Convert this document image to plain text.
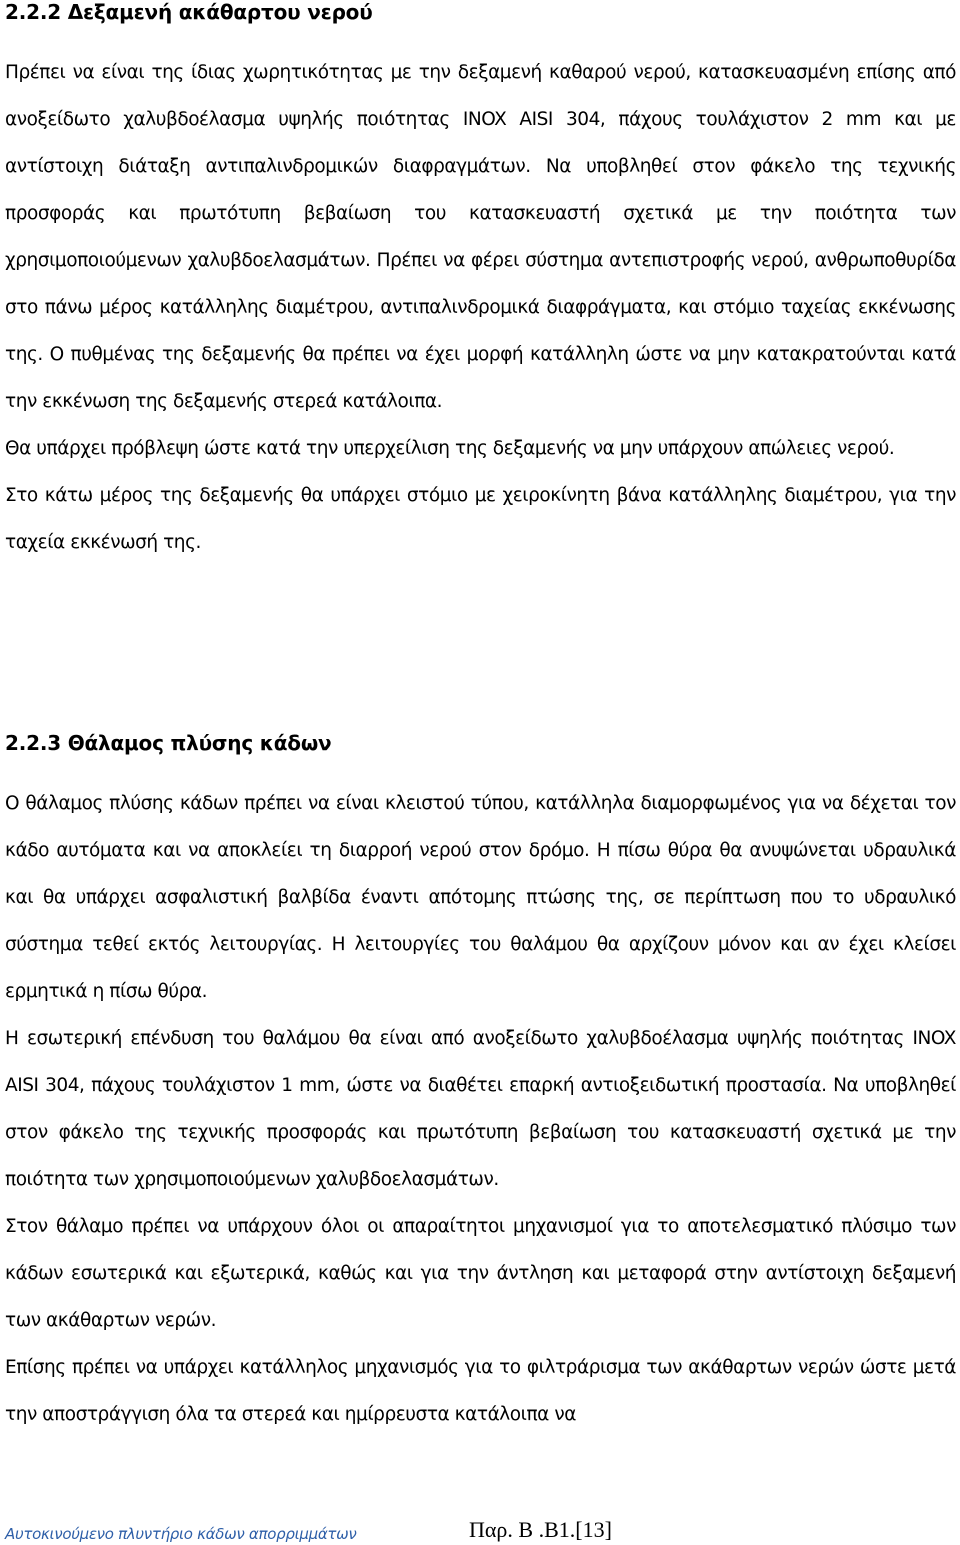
2.2.2 Δεξαμενή ακάθαρτου νερού

Πρέπει να είναι της ίδιας χωρητικότητας με την δεξαμενή καθαρού νερού, κατασκευασμένη επίσης από ανοξείδωτο χαλυβδοέλασμα υψηλής ποιότητας INOX AISI 304, πάχους τουλάχιστον 2 mm και με αντίστοιχη διάταξη αντιπαλινδρομικών διαφραγμάτων. Να υποβληθεί στον φάκελο της τεχνικής προσφοράς και πρωτότυπη βεβαίωση του κατασκευαστή σχετικά με την ποιότητα των χρησιμοποιούμενων χαλυβδοελασμάτων. Πρέπει να φέρει σύστημα αντεπιστροφής νερού, ανθρωποθυρίδα στο πάνω μέρος κατάλληλης διαμέτρου, αντιπαλινδρομικά διαφράγματα, και στόμιο ταχείας εκκένωσης της. Ο πυθμένας της δεξαμενής θα πρέπει να έχει μορφή κατάλληλη ώστε να μην κατακρατούνται κατά την εκκένωση της δεξαμενής στερεά κατάλοιπα.

Θα υπάρχει πρόβλεψη ώστε κατά την υπερχείλιση της δεξαμενής να μην υπάρχουν απώλειες νερού.

Στο κάτω μέρος της δεξαμενής θα υπάρχει στόμιο με χειροκίνητη βάνα κατάλληλης διαμέτρου, για την ταχεία εκκένωσή της.

2.2.3 Θάλαμος πλύσης κάδων

Ο θάλαμος πλύσης κάδων πρέπει να είναι κλειστού τύπου, κατάλληλα διαμορφωμένος για να δέχεται τον κάδο αυτόματα και να αποκλείει τη διαρροή νερού στον δρόμο. Η πίσω θύρα θα ανυψώνεται υδραυλικά και θα υπάρχει ασφαλιστική βαλβίδα έναντι απότομης πτώσης της, σε περίπτωση που το υδραυλικό σύστημα τεθεί εκτός λειτουργίας. Η λειτουργίες του θαλάμου θα αρχίζουν μόνον και αν έχει κλείσει ερμητικά η πίσω θύρα.

Η εσωτερική επένδυση του θαλάμου θα είναι από ανοξείδωτο χαλυβδοέλασμα υψηλής ποιότητας INOX AISI 304, πάχους τουλάχιστον 1 mm, ώστε να διαθέτει επαρκή αντιοξειδωτική προστασία. Να υποβληθεί στον φάκελο της τεχνικής προσφοράς και πρωτότυπη βεβαίωση του κατασκευαστή σχετικά με την ποιότητα των χρησιμοποιούμενων χαλυβδοελασμάτων.

Στον θάλαμο πρέπει να υπάρχουν όλοι οι απαραίτητοι μηχανισμοί για το αποτελεσματικό πλύσιμο των κάδων εσωτερικά και εξωτερικά, καθώς και για την άντληση και μεταφορά στην αντίστοιχη δεξαμενή των ακάθαρτων νερών.

Επίσης πρέπει να υπάρχει κατάλληλος μηχανισμός για το φιλτράρισμα των ακάθαρτων νερών ώστε μετά την αποστράγγιση όλα τα στερεά και ημίρρευστα κατάλοιπα να

Αυτοκινούμενο πλυντήριο κάδων απορριμμάτων	Παρ. Β .Β1.[13]
